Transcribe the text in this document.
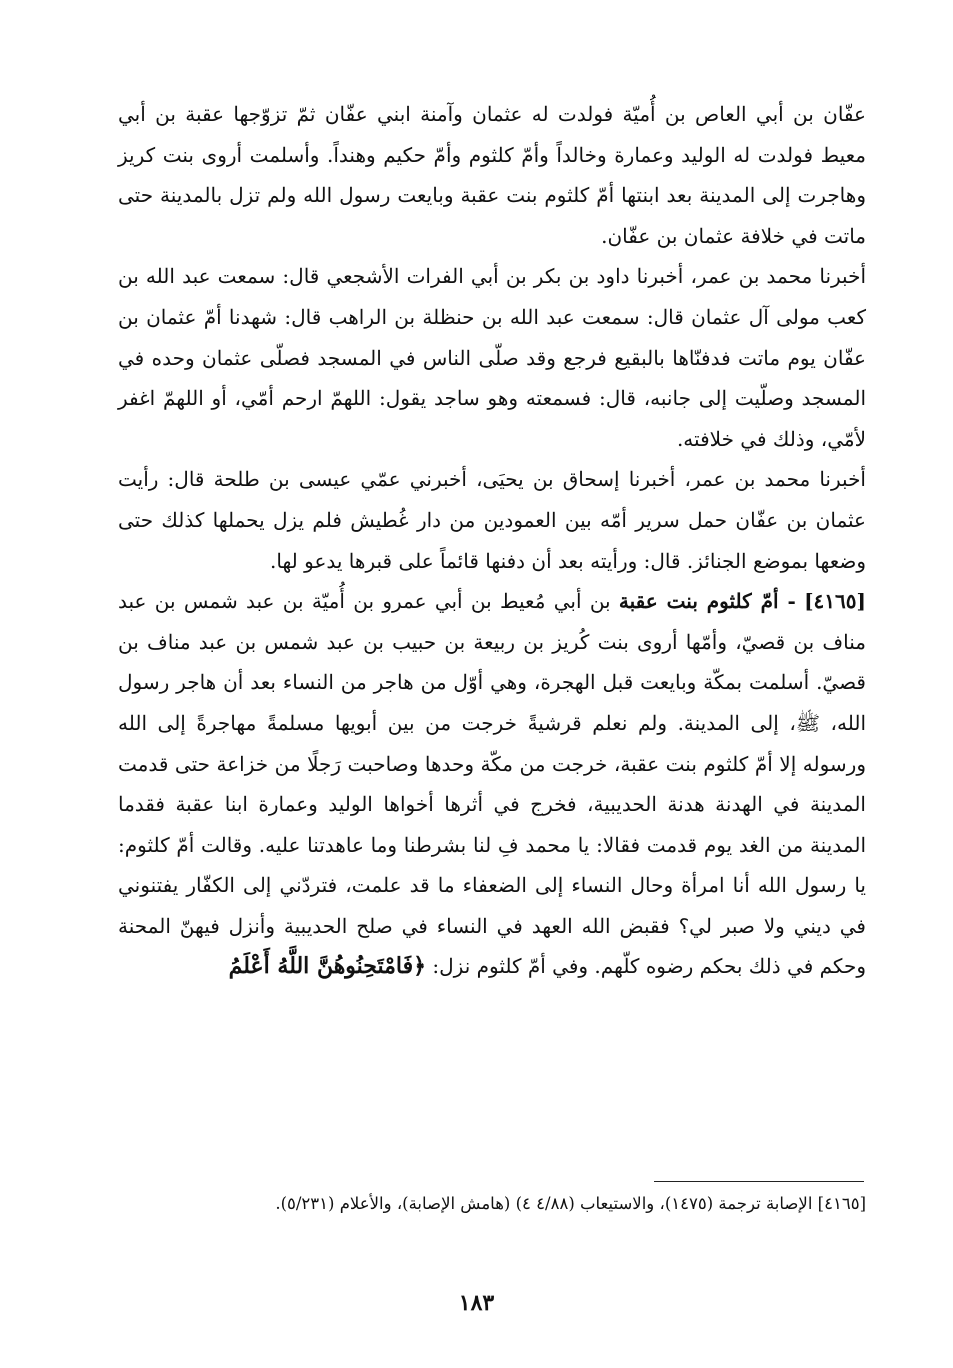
عفّان بن أبي العاص بن أُميّة فولدت له عثمان وآمنة ابني عفّان ثمّ تزوّجها عقبة بن أبي معيط فولدت له الوليد وعمارة وخالداً وأمّ كلثوم وأمّ حكيم وهنداً. وأسلمت أروى بنت كريز وهاجرت إلى المدينة بعد ابنتها أمّ كلثوم بنت عقبة وبايعت رسول الله ولم تزل بالمدينة حتى ماتت في خلافة عثمان بن عفّان.

أخبرنا محمد بن عمر، أخبرنا داود بن بكر بن أبي الفرات الأشجعي قال: سمعت عبد الله بن كعب مولى آل عثمان قال: سمعت عبد الله بن حنظلة بن الراهب قال: شهدنا أمّ عثمان بن عفّان يوم ماتت فدفنّاها بالبقيع فرجع وقد صلّى الناس في المسجد فصلّى عثمان وحده في المسجد وصلّيت إلى جانبه، قال: فسمعته وهو ساجد يقول: اللهمّ ارحم أمّي، أو اللهمّ اغفر لأمّي، وذلك في خلافته.

أخبرنا محمد بن عمر، أخبرنا إسحاق بن يحيَى، أخبرني عمّي عيسى بن طلحة قال: رأيت عثمان بن عفّان حمل سرير أمّه بين العمودين من دار غُطيش فلم يزل يحملها كذلك حتى وضعها بموضع الجنائز. قال: ورأيته بعد أن دفنها قائماً على قبرها يدعو لها.

[٤١٦٥] - أمّ كلثوم بنت عقبة بن أبي مُعيط بن أبي عمرو بن أُميّة بن عبد شمس بن عبد مناف بن قصيّ، وأمّها أروى بنت كُريز بن ربيعة بن حبيب بن عبد شمس بن عبد مناف بن قصيّ. أسلمت بمكّة وبايعت قبل الهجرة، وهي أوّل من هاجر من النساء بعد أن هاجر رسول الله، ﷺ، إلى المدينة. ولم نعلم قرشيةً خرجت من بين أبويها مسلمةً مهاجرةً إلى الله ورسوله إلا أمّ كلثوم بنت عقبة، خرجت من مكّة وحدها وصاحبت رَجلًا من خزاعة حتى قدمت المدينة في الهدنة هدنة الحديبية، فخرج في أثرها أخواها الوليد وعمارة ابنا عقبة فقدما المدينة من الغد يوم قدمت فقالا: يا محمد فِ لنا بشرطنا وما عاهدتنا عليه. وقالت أمّ كلثوم: يا رسول الله أنا امرأة وحال النساء إلى الضعفاء ما قد علمت، فتردّني إلى الكفّار يفتنوني في ديني ولا صبر لي؟ فقبض الله العهد في النساء في صلح الحديبية وأنزل فيهنّ المحنة وحكم في ذلك بحكم رضوه كلّهم. وفي أمّ كلثوم نزل: ﴿فَامْتَحِنُوهُنَّ اللَّهُ أَعْلَمُ

[٤١٦٥] الإصابة ترجمة (١٤٧٥)، والاستيعاب (٤/٨٨ ٤) (هامش الإصابة)، والأعلام (٥/٢٣١).

١٨٣
